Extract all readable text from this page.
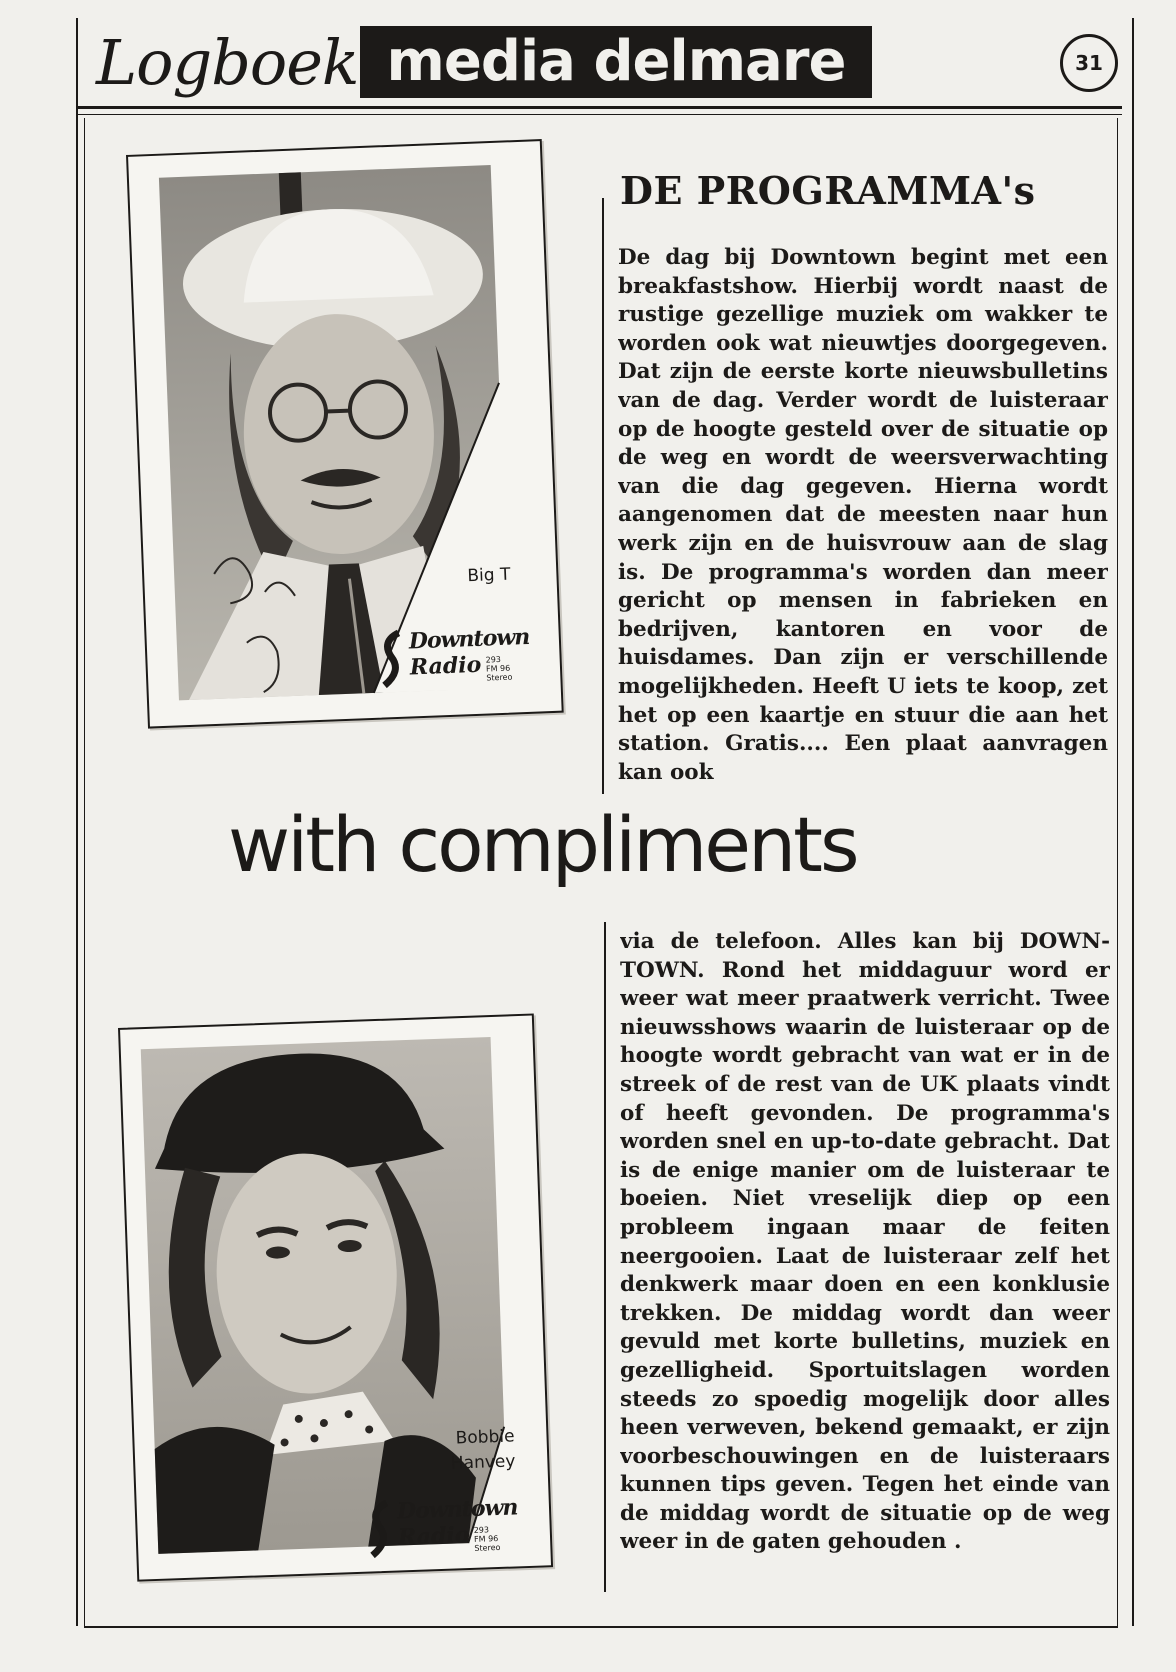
Logboek media delmare	31
Big T
Downtown
Radio 293
FM 96 Stereo
DE PROGRAMMA's
De dag bij Downtown begint met een breakfastshow. Hierbij wordt naast de rustige gezellige muziek om wakker te worden ook wat nieuwtjes doorgegeven. Dat zijn de eerste korte nieuwsbulletins van de dag. Verder wordt de luisteraar op de hoogte gesteld over de situatie op de weg en wordt de weersverwachting van die dag gegeven. Hierna wordt aangenomen dat de meesten naar hun werk zijn en de huisvrouw aan de slag is. De programma's worden dan meer gericht op mensen in fabrieken en bedrijven, kantoren en voor de huisdames. Dan zijn er verschillende mogelijkheden. Heeft U iets te koop, zet het op een kaartje en stuur die aan het station. Gratis.... Een plaat aanvragen kan ook
with compliments
Bobbie
Hanvey
Downtown
Radio 293
FM 96 Stereo
via de telefoon. Alles kan bij DOWNTOWN. Rond het middaguur word er weer wat meer praatwerk verricht. Twee nieuwsshows waarin de luisteraar op de hoogte wordt gebracht van wat er in de streek of de rest van de UK plaats vindt of heeft gevonden. De programma's worden snel en up-to-date gebracht. Dat is de enige manier om de luisteraar te boeien. Niet vreselijk diep op een probleem ingaan maar de feiten neergooien. Laat de luisteraar zelf het denkwerk maar doen en een konklusie trekken. De middag wordt dan weer gevuld met korte bulletins, muziek en gezelligheid. Sportuitslagen worden steeds zo spoedig mogelijk door alles heen verweven, bekend gemaakt, er zijn voorbeschouwingen en de luisteraars kunnen tips geven. Tegen het einde van de middag wordt de situatie op de weg weer in de gaten gehouden .
